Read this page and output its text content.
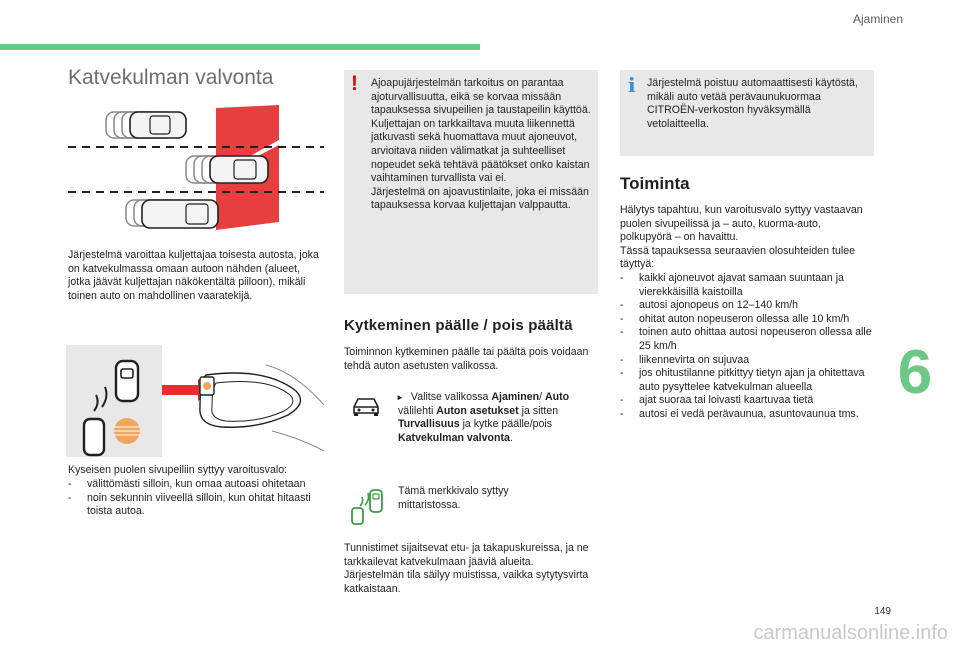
Ajaminen
Katvekulman valvonta
Järjestelmä varoittaa kuljettajaa toisesta autosta, joka on katvekulmassa omaan autoon nähden (alueet, jotka jäävät kuljettajan näkökentältä piiloon), mikäli toinen auto on mahdollinen vaaratekijä.
Kyseisen puolen sivupeiliin syttyy varoitusvalo:
- välittömästi silloin, kun omaa autoasi ohitetaan
- noin sekunnin viiveellä silloin, kun ohitat hitaasti toista autoa.
! Ajoapujärjestelmän tarkoitus on parantaa ajoturvallisuutta, eikä se korvaa missään tapauksessa sivupeilien ja taustapeilin käyttöä. Kuljettajan on tarkkailtava muuta liikennettä jatkuvasti sekä huomattava muut ajoneuvot, arvioitava niiden välimatkat ja suhteelliset nopeudet sekä tehtävä päätökset onko kaistan vaihtaminen turvallista vai ei.
Järjestelmä on ajoavustinlaite, joka ei missään tapauksessa korvaa kuljettajan valppautta.
Kytkeminen päälle / pois päältä
Toiminnon kytkeminen päälle tai päältä pois voidaan tehdä auton asetusten valikossa.
► Valitse valikossa Ajaminen/ Auto välilehti Auton asetukset ja sitten Turvallisuus ja kytke päälle/pois Katvekulman valvonta.
Tämä merkkivalo syttyy mittaristossa.
Tunnistimet sijaitsevat etu- ja takapuskureissa, ja ne tarkkailevat katvekulmaan jääviä alueita.
Järjestelmän tila säilyy muistissa, vaikka sytytysvirta katkaistaan.
i Järjestelmä poistuu automaattisesti käytöstä, mikäli auto vetää perävaunukuormaa CITROËN-verkoston hyväksymällä vetolaitteella.
Toiminta
Hälytys tapahtuu, kun varoitusvalo syttyy vastaavan puolen sivupeilissä ja – auto, kuorma-auto, polkupyörä – on havaittu.
Tässä tapauksessa seuraavien olosuhteiden tulee täyttyä:
- kaikki ajoneuvot ajavat samaan suuntaan ja vierekkäisillä kaistoilla
- autosi ajonopeus on 12–140 km/h
- ohitat auton nopeuseron ollessa alle 10 km/h
- toinen auto ohittaa autosi nopeuseron ollessa alle 25 km/h
- liikennevirta on sujuvaa
- jos ohitustilanne pitkittyy tietyn ajan ja ohitettava auto pysyttelee katvekulman alueella
- ajat suoraa tai loivasti kaartuvaa tietä
- autosi ei vedä perävaunua, asuntovaunua tms.
6
149
carmanualsonline.info
